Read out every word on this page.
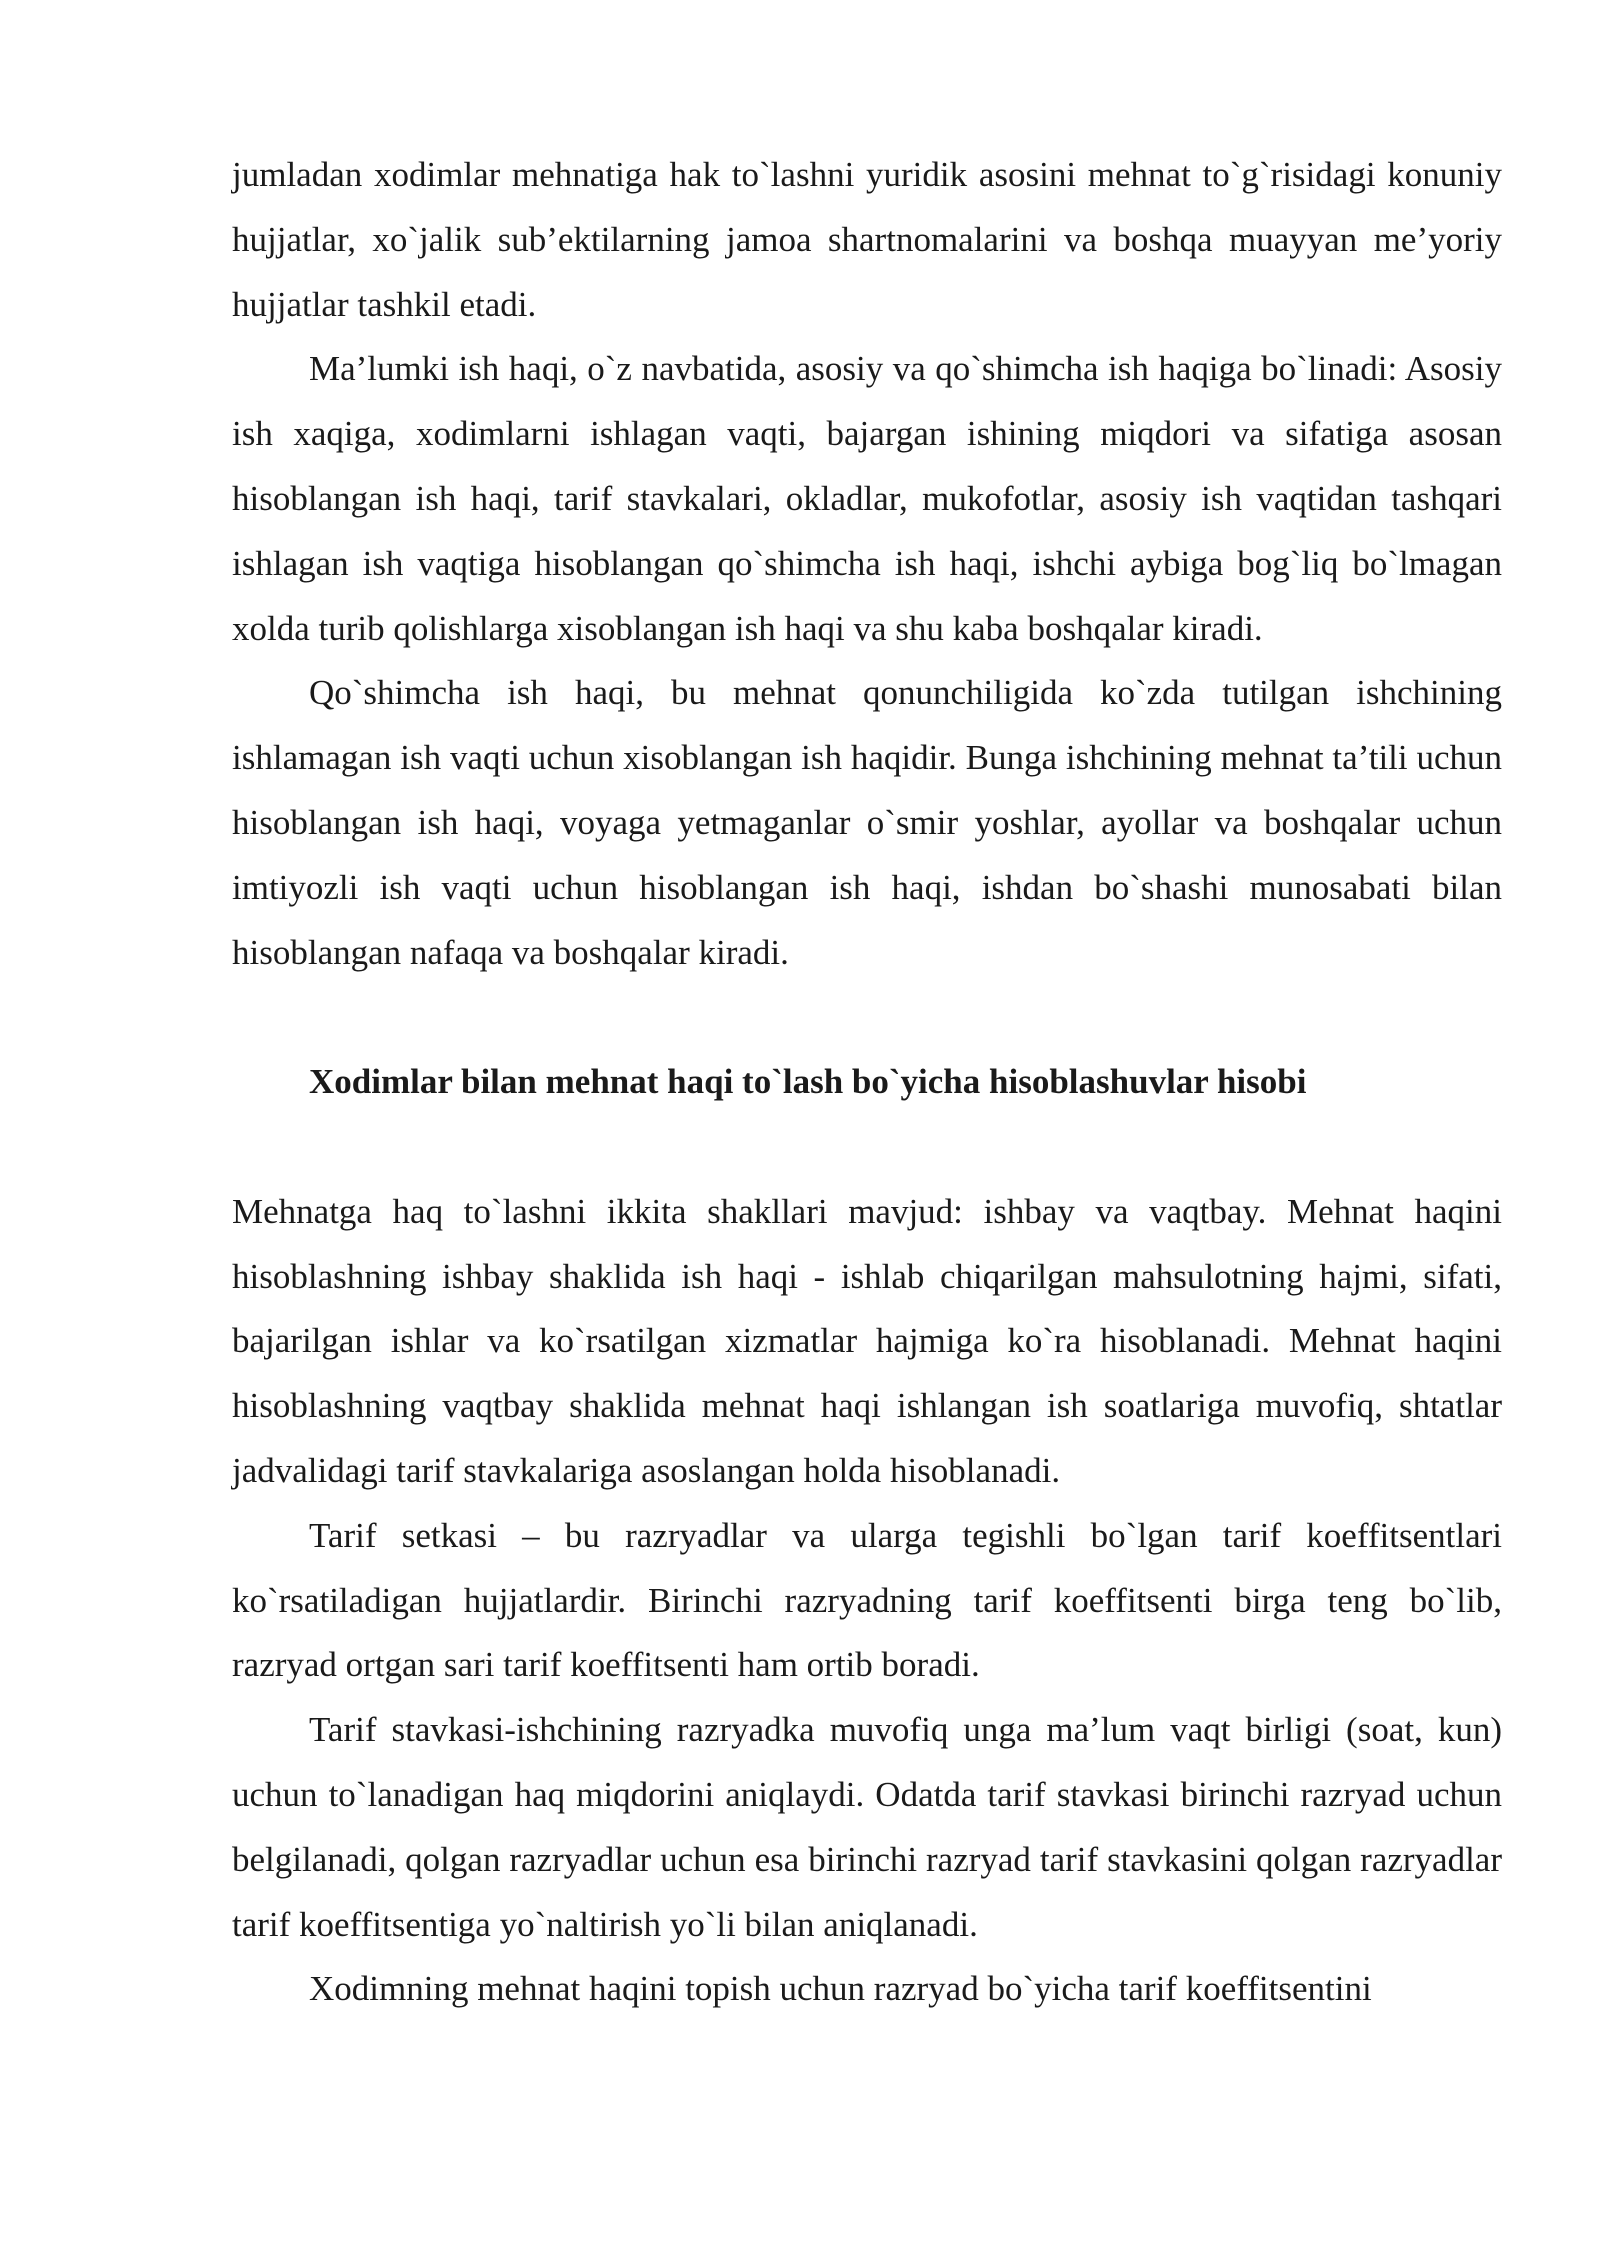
jumladan xodimlar mehnatiga hak to`lashni yuridik asosini mehnat to`g`risidagi konuniy hujjatlar, xo`jalik sub’ektilarning jamoa shartnomalarini va boshqa muayyan me’yoriy hujjatlar tashkil etadi.

Ma’lumki ish haqi, o`z navbatida, asosiy va qo`shimcha ish haqiga bo`linadi: Asosiy ish xaqiga, xodimlarni ishlagan vaqti, bajargan ishining miqdori va sifatiga asosan hisoblangan ish haqi, tarif stavkalari, okladlar, mukofotlar, asosiy ish vaqtidan tashqari ishlagan ish vaqtiga hisoblangan qo`shimcha ish haqi, ishchi aybiga bog`liq bo`lmagan xolda turib qolishlarga xisoblangan ish haqi va shu kaba boshqalar kiradi.

Qo`shimcha ish haqi, bu mehnat qonunchiligida ko`zda tutilgan ishchining ishlamagan ish vaqti uchun xisoblangan ish haqidir. Bunga ishchining mehnat ta’tili uchun hisoblangan ish haqi, voyaga yetmaganlar o`smir yoshlar, ayollar va boshqalar uchun imtiyozli ish vaqti uchun hisoblangan ish haqi, ishdan bo`shashi munosabati bilan hisoblangan nafaqa va boshqalar kiradi.

Xodimlar bilan mehnat haqi to`lash bo`yicha hisoblashuvlar hisobi

Mehnatga haq to`lashni ikkita shakllari mavjud: ishbay va vaqtbay. Mehnat haqini hisoblashning ishbay shaklida ish haqi - ishlab chiqarilgan mahsulotning hajmi, sifati, bajarilgan ishlar va ko`rsatilgan xizmatlar hajmiga ko`ra hisoblanadi. Mehnat haqini hisoblashning vaqtbay shaklida mehnat haqi ishlangan ish soatlariga muvofiq, shtatlar jadvalidagi tarif stavkalariga asoslangan holda hisoblanadi.

Tarif setkasi – bu razryadlar va ularga tegishli bo`lgan tarif koeffitsentlari ko`rsatiladigan hujjatlardir. Birinchi razryadning tarif koeffitsenti birga teng bo`lib, razryad ortgan sari tarif koeffitsenti ham ortib boradi.

Tarif stavkasi-ishchining razryadka muvofiq unga ma’lum vaqt birligi (soat, kun) uchun to`lanadigan haq miqdorini aniqlaydi. Odatda tarif stavkasi birinchi razryad uchun belgilanadi, qolgan razryadlar uchun esa birinchi razryad tarif stavkasini qolgan razryadlar tarif koeffitsentiga yo`naltirish yo`li bilan aniqlanadi.

Xodimning mehnat haqini topish uchun razryad bo`yicha tarif koeffitsentini
